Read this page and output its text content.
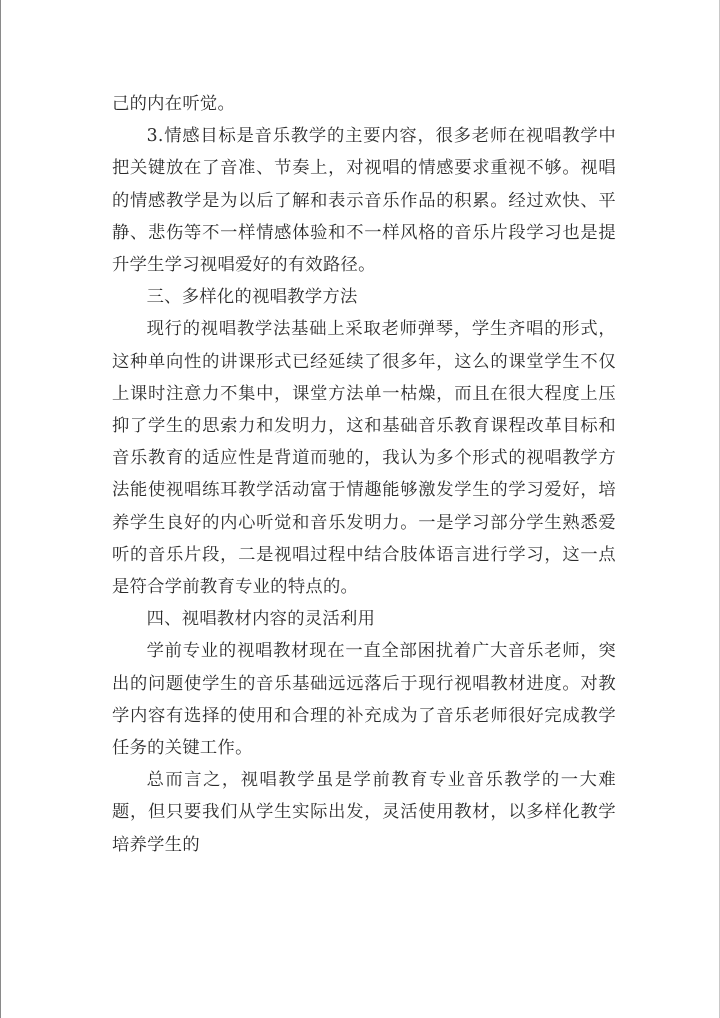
己的内在听觉。

3.情感目标是音乐教学的主要内容，很多老师在视唱教学中把关键放在了音准、节奏上，对视唱的情感要求重视不够。视唱的情感教学是为以后了解和表示音乐作品的积累。经过欢快、平静、悲伤等不一样情感体验和不一样风格的音乐片段学习也是提升学生学习视唱爱好的有效路径。

三、多样化的视唱教学方法

现行的视唱教学法基础上采取老师弹琴，学生齐唱的形式，这种单向性的讲课形式已经延续了很多年，这么的课堂学生不仅上课时注意力不集中，课堂方法单一枯燥，而且在很大程度上压抑了学生的思索力和发明力，这和基础音乐教育课程改革目标和音乐教育的适应性是背道而驰的，我认为多个形式的视唱教学方法能使视唱练耳教学活动富于情趣能够激发学生的学习爱好，培养学生良好的内心听觉和音乐发明力。一是学习部分学生熟悉爱听的音乐片段，二是视唱过程中结合肢体语言进行学习，这一点是符合学前教育专业的特点的。

四、视唱教材内容的灵活利用

学前专业的视唱教材现在一直全部困扰着广大音乐老师，突出的问题使学生的音乐基础远远落后于现行视唱教材进度。对教学内容有选择的使用和合理的补充成为了音乐老师很好完成教学任务的关键工作。

总而言之，视唱教学虽是学前教育专业音乐教学的一大难题，但只要我们从学生实际出发，灵活使用教材，以多样化教学培养学生的
